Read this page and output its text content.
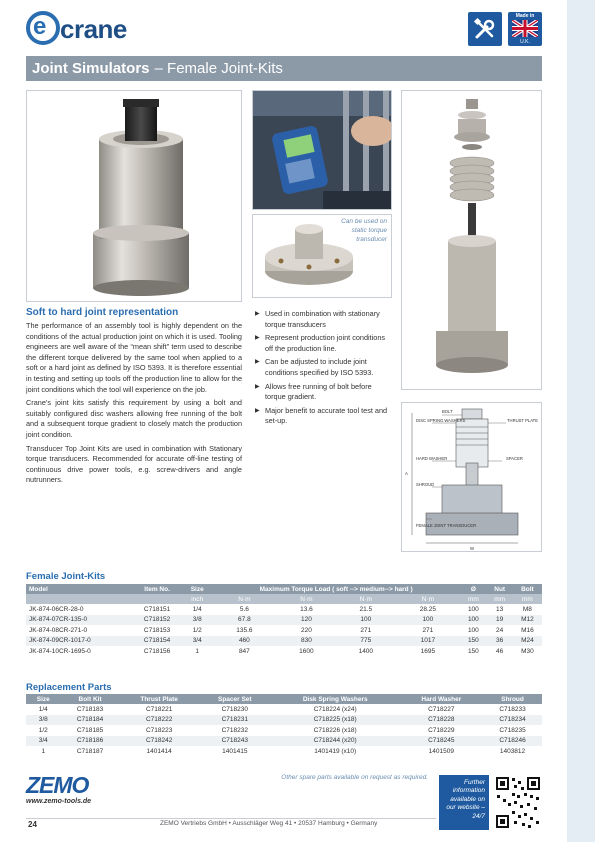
e crane	Made in
U.K.
Joint Simulators – Female Joint-Kits
Can be used on static torque transducer
BOLT
DISC SPRING WASHERS	THRUST PLATE
HARD WASHER	SPACER
SHROUD
FEMALE JOINT TRANSDUCER
A
W
Soft to hard joint representation

The performance of an assembly tool is highly dependent on the conditions of the actual production joint on which it is used. Tooling engineers are well aware of the “mean shift” term used to describe the different torque delivered by the same tool when applied to a soft or a hard joint as defined by ISO 5393. It is therefore essential in testing and setting up tools off the production line to allow for the joint conditions which the tool will experience on the job.

Crane’s joint kits satisfy this requirement by using a bolt and suitably configured disc washers allowing free running of the bolt and a subsequent torque gradient to closely match the production joint condition.

Transducer Top Joint Kits are used in combination with Stationary torque transducers. Recommended for accurate off-line testing of continuous drive power tools, e.g. screw-drivers and angle nutrunners.

▶ Used in combination with stationary torque transducers
▶ Represent production joint conditions off the production line.
▶ Can be adjusted to include joint conditions specified by ISO 5393.
▶ Allows free running of bolt before torque gradient.
▶ Major benefit to accurate tool test and set-up.
Female Joint-Kits
Model	Item No.	Size	Maximum Torque Load ( soft --> medium--> hard )				Ø	Nut	Bolt
		inch	N·m	N·m	N·m	N·m	mm	mm	mm
JK-874-06CR-28-0	C718151	1/4	5.6	13.6	21.5	28.25	100	13	M8
JK-874-07CR-135-0	C718152	3/8	67.8	120	100	100	100	19	M12
JK-874-08CR-271-0	C718153	1/2	135.6	220	271	271	100	24	M16
JK-874-09CR-1017-0	C718154	3/4	460	830	775	1017	150	36	M24
JK-874-10CR-1695-0	C718156	1	847	1600	1400	1695	150	46	M30
Replacement Parts
Size	Bolt Kit	Thrust Plate	Spacer Set	Disk Spring Washers	Hard Washer	Shroud
1/4	C718183	C718221	C718230	C718224 (x24)	C718227	C718233
3/8	C718184	C718222	C718231	C718225 (x18)	C718228	C718234
1/2	C718185	C718223	C718232	C718226 (x18)	C718229	C718235
3/4	C718186	C718242	C718243	C718244 (x20)	C718245	C718246
1	C718187	1401414	1401415	1401419 (x10)	1401509	1403812
Other spare parts available on request as required.
ZEMO
www.zemo-tools.de
Further information available on our website – 24/7
24	ZEMO Vertriebs GmbH • Ausschläger Weg 41 • 20537 Hamburg • Germany
